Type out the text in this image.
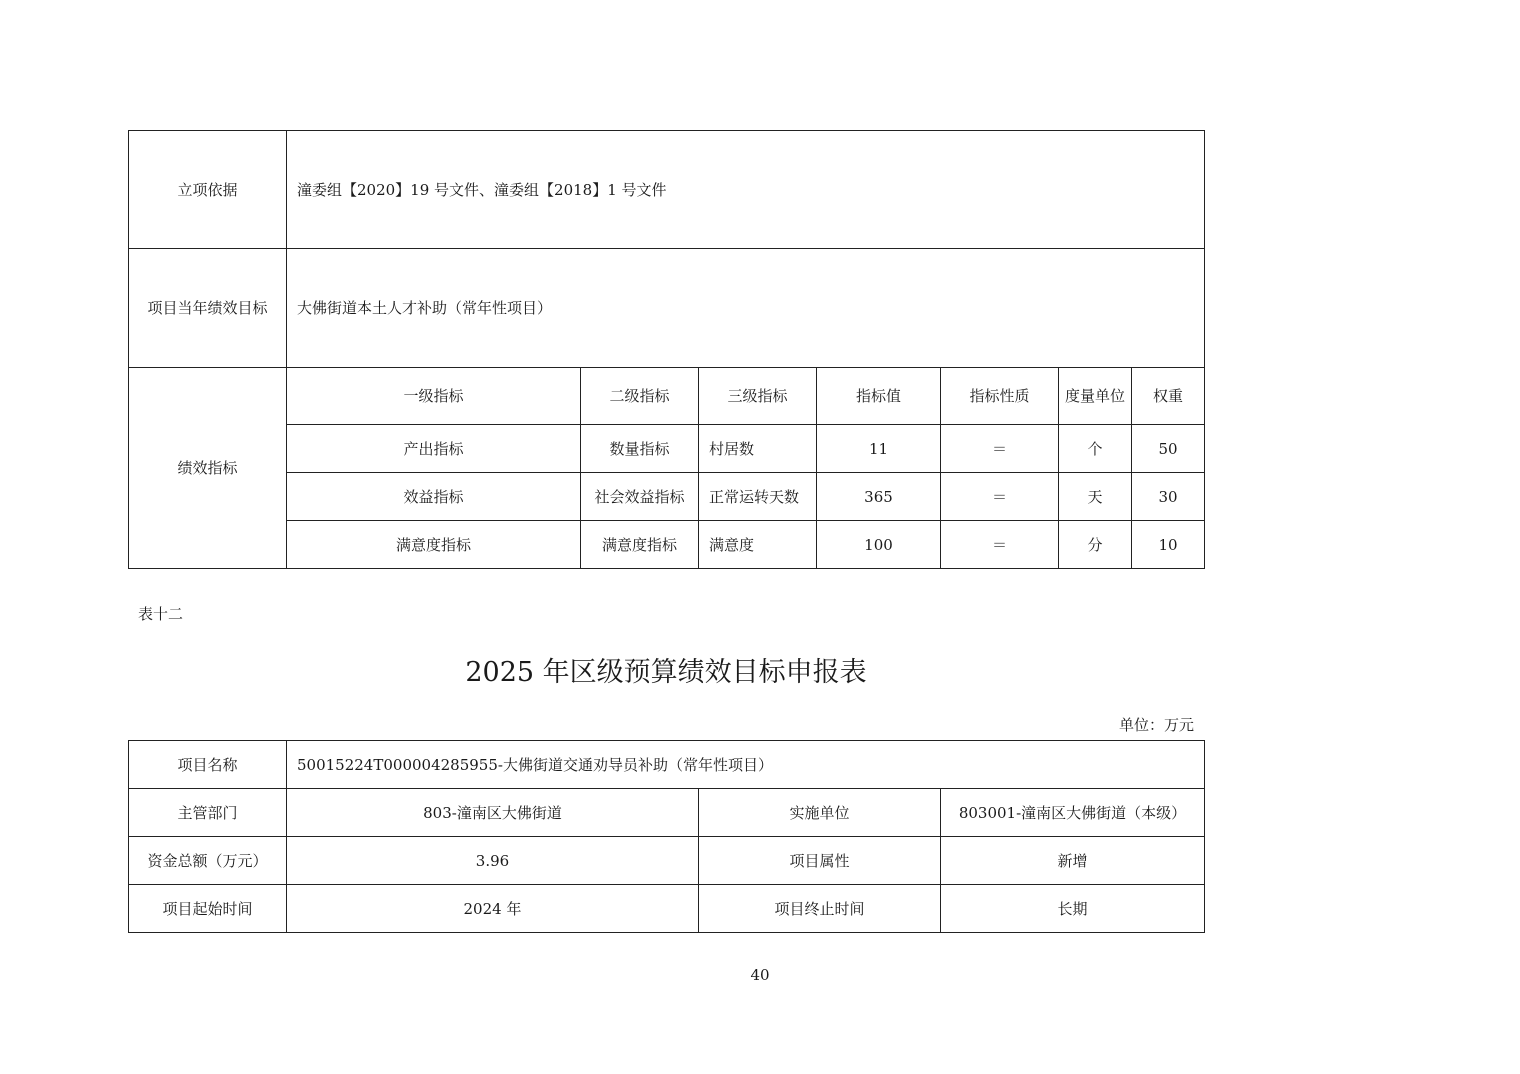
立项依据	潼委组【2020】19 号文件、潼委组【2018】1 号文件						
项目当年绩效目标	大佛街道本土人才补助（常年性项目）						
绩效指标	一级指标	二级指标	三级指标	指标值	指标性质	度量单位	权重
	产出指标	数量指标	村居数	11	＝	个	50
	效益指标	社会效益指标	正常运转天数	365	＝	天	30
	满意度指标	满意度指标	满意度	100	＝	分	10
表十二
2025 年区级预算绩效目标申报表
单位：万元
项目名称	50015224T000004285955-大佛街道交通劝导员补助（常年性项目）		
主管部门	803-潼南区大佛街道	实施单位	803001-潼南区大佛街道（本级）
资金总额（万元）	3.96	项目属性	新增
项目起始时间	2024 年	项目终止时间	长期
40
